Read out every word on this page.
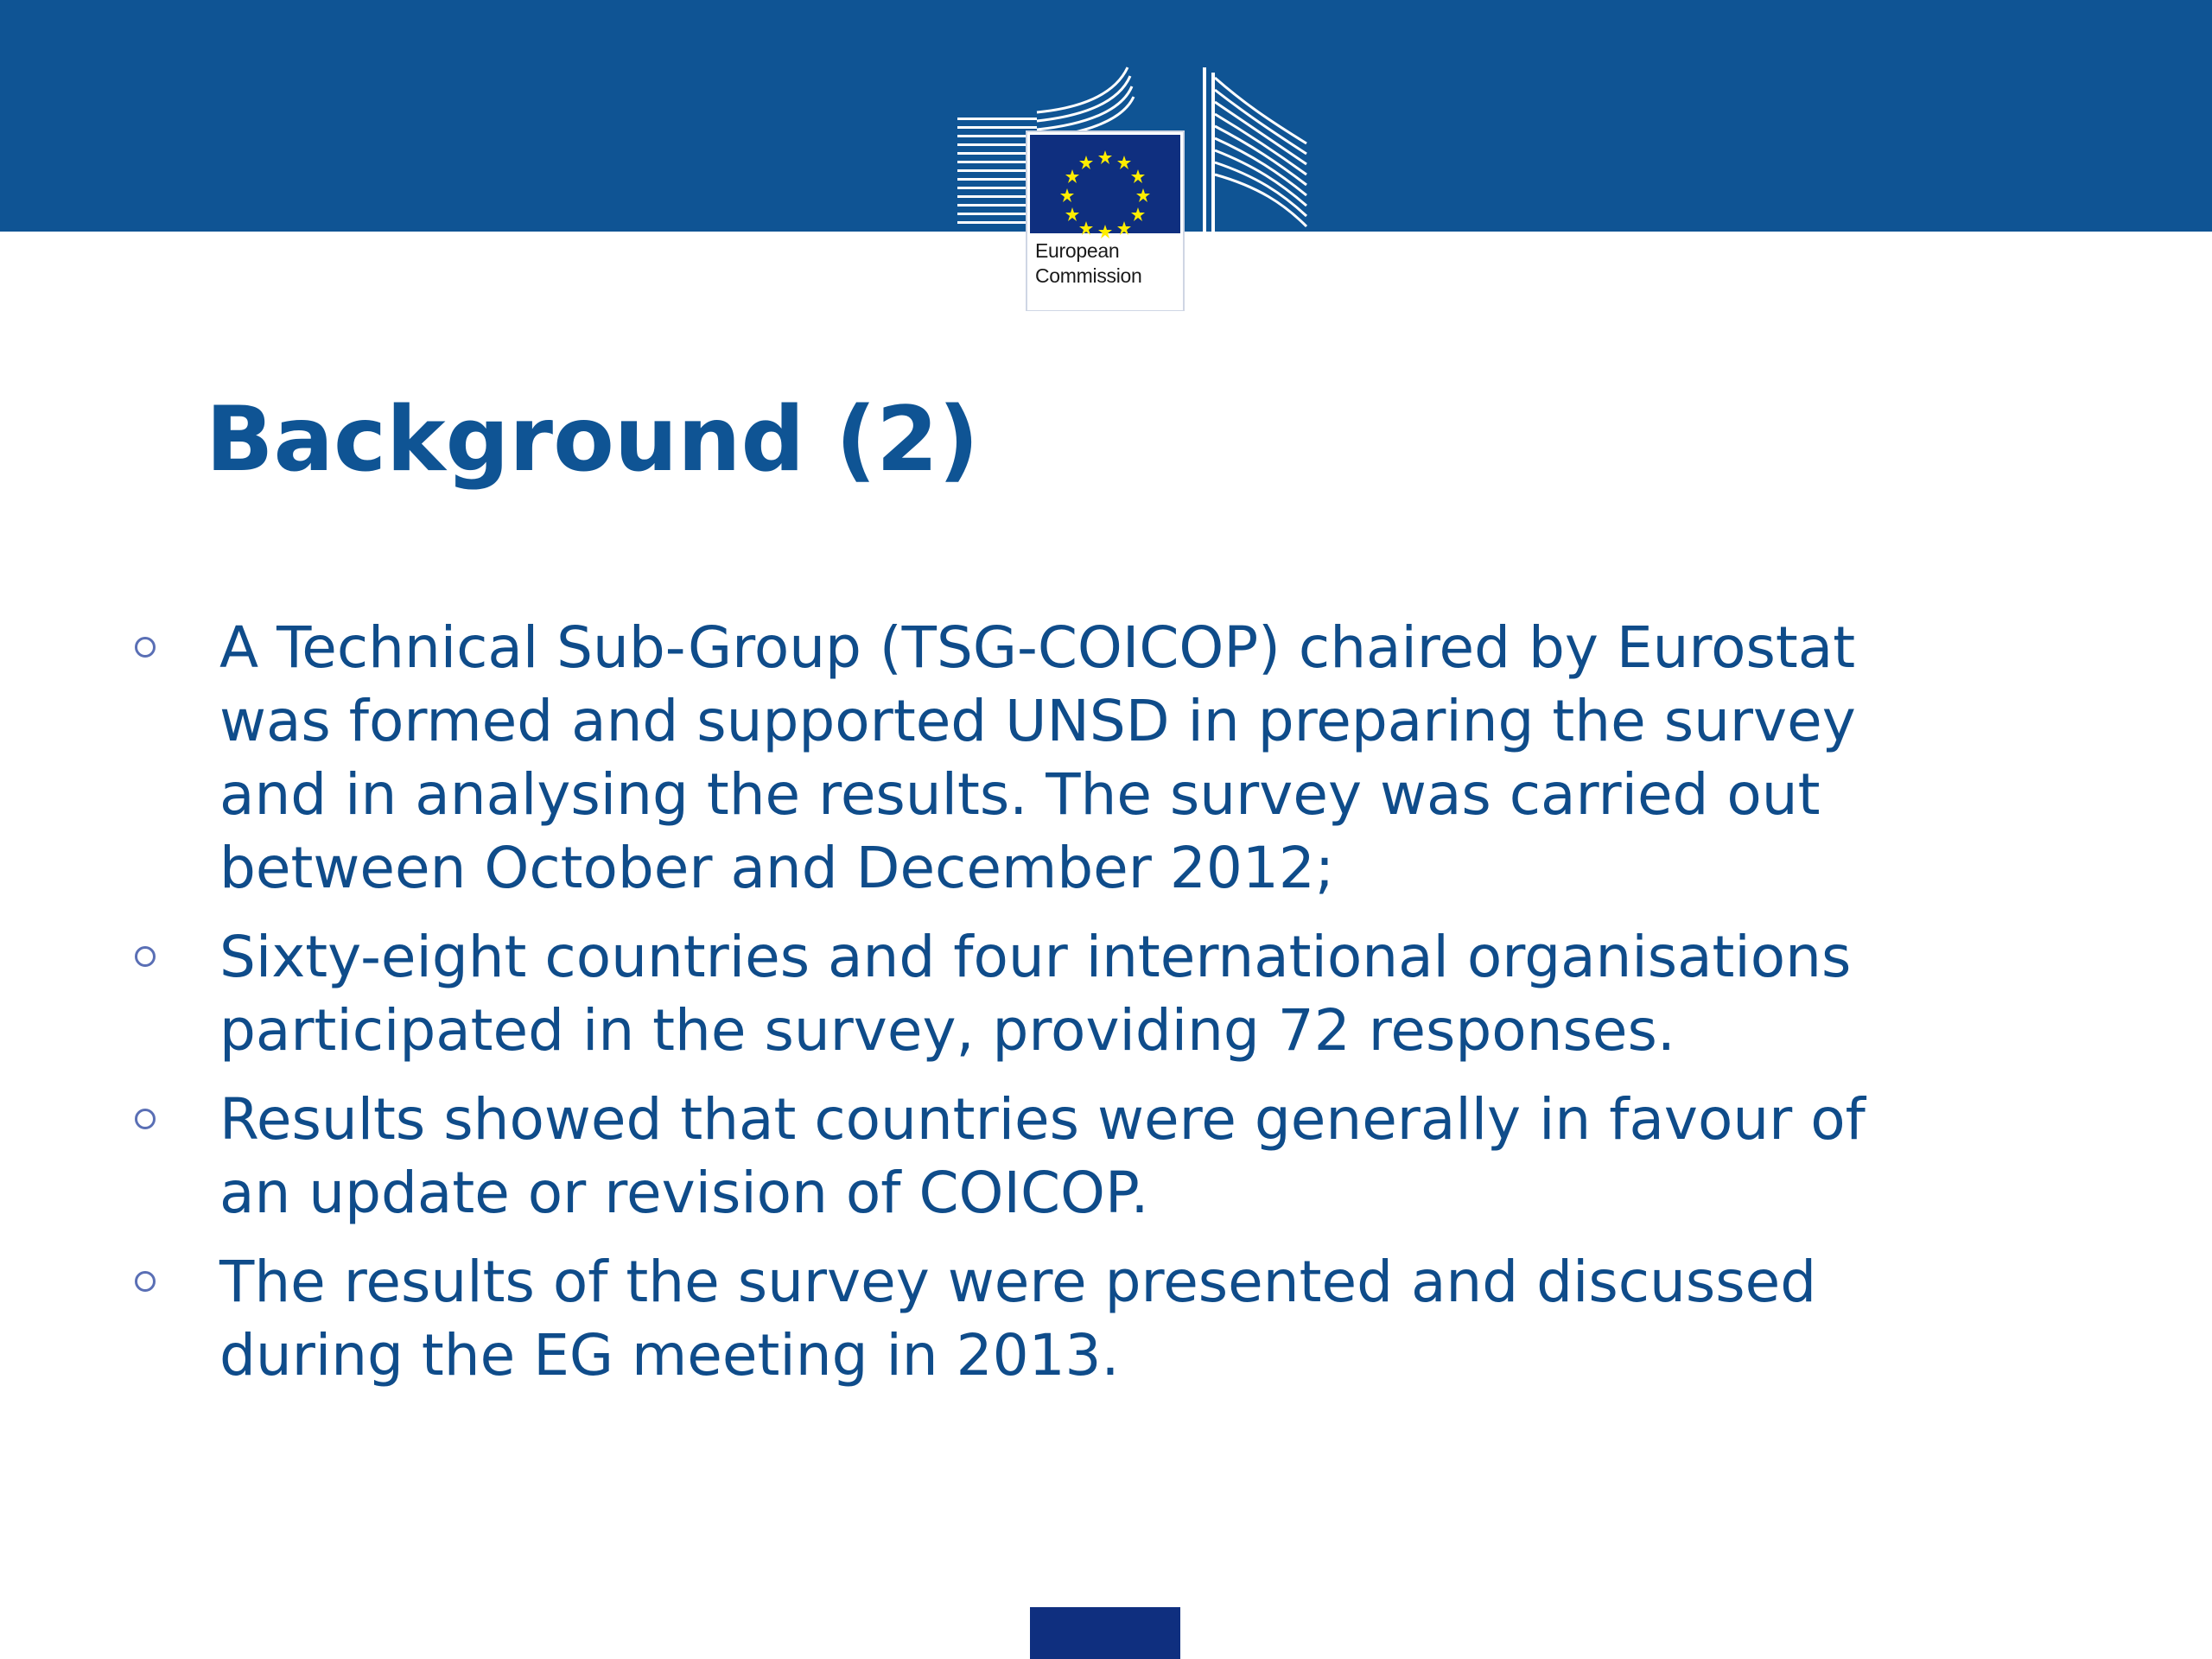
European
Commission
Background (2)
A Technical Sub-Group (TSG-COICOP) chaired by Eurostat
was formed and supported UNSD in preparing the survey
and in analysing the results. The survey was carried out
between October and December 2012;
Sixty-eight countries and four international organisations
participated in the survey, providing 72 responses.
Results showed that countries were generally in favour of
an update or revision of COICOP.
The results of the survey were presented and discussed
during the EG meeting in 2013.
